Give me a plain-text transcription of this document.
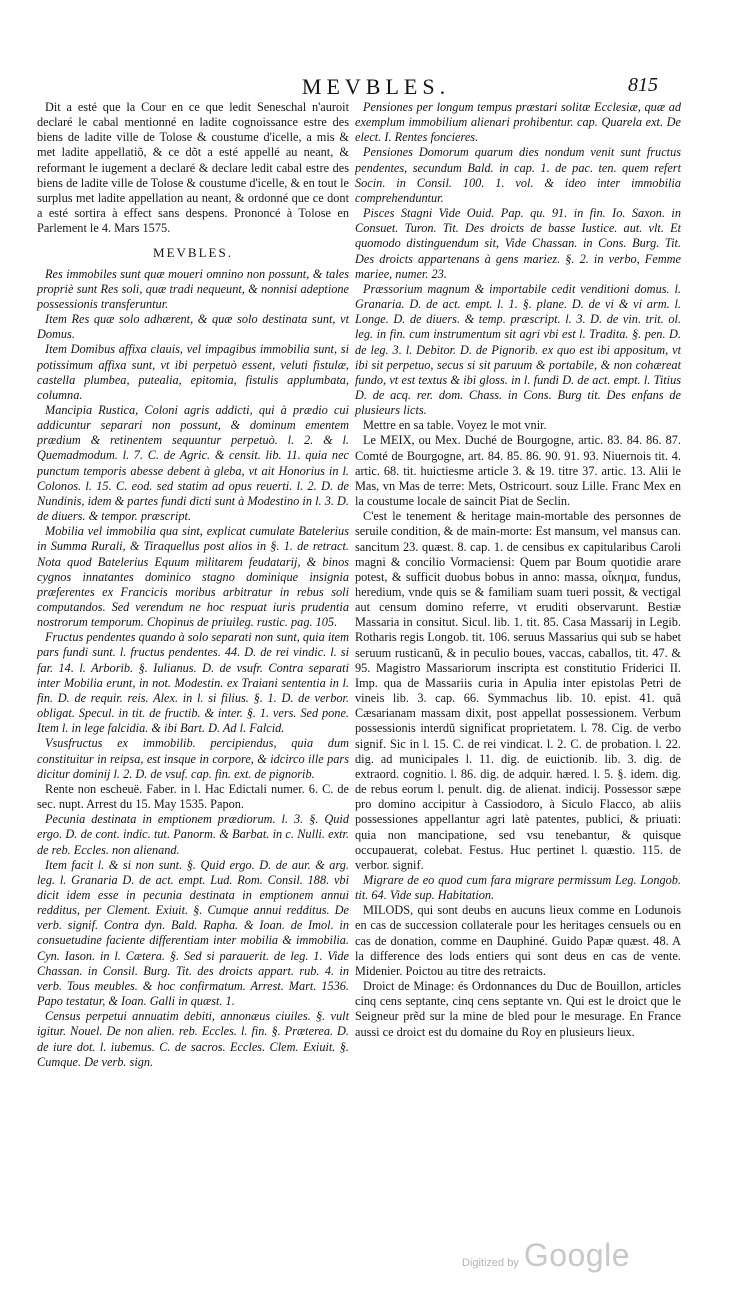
MEVBLES.	815

Dit a esté que la Cour en ce que ledit Seneschal n'auroit declaré le cabal mentionné en ladite cognoissance estre des biens de ladite ville de Tolose & coustume d'icelle, a mis & met ladite appellatiõ, & ce dõt a esté appellé au neant, & reformant le iugement a declaré & declare ledit cabal estre des biens de ladite ville de Tolose & coustume d'icelle, & en tout le surplus met ladite appellation au neant, & ordonné que ce dont a esté sortira à effect sans despens. Prononcé à Tolose en Parlement le 4. Mars 1575.

MEVBLES.

Res immobiles sunt quæ moueri omnino non possunt, & tales propriè sunt Res soli, quæ tradi nequeunt, & nonnisi adeptione possessionis transferuntur.

Item Res quæ solo adhærent, & quæ solo destinata sunt, vt Domus.

Item Domibus affixa clauis, vel impagibus immobilia sunt, si potissimum affixa sunt, vt ibi perpetuò essent, veluti fistulæ, castella plumbea, putealia, epitomia, fistulis applumbata, columna.

Mancipia Rustica, Coloni agris addicti, qui à prædio cui addicuntur separari non possunt, & dominum ementem prædium & retinentem sequuntur perpetuò. l. 2. & l. Quemadmodum. l. 7. C. de Agric. & censit. lib. 11. quia nec punctum temporis abesse debent à gleba, vt ait Honorius in l. Colonos. l. 15. C. eod. sed statim ad opus reuerti. l. 2. D. de Nundinis, idem & partes fundi dicti sunt à Modestino in l. 3. D. de diuers. & tempor. præscript.

Mobilia vel immobilia qua sint, explicat cumulate Batelerius in Summa Rurali, & Tiraquellus post alios in §. 1. de retract. Nota quod Batelerius Equum militarem feudatarij, & binos cygnos innatantes dominico stagno dominique insignia præferentes ex Francicis moribus arbitratur in rebus soli computandos. Sed verendum ne hoc respuat iuris prudentia nostrorum temporum. Chopinus de priuileg. rustic. pag. 105.

Fructus pendentes quando à solo separati non sunt, quia item pars fundi sunt. l. fructus pendentes. 44. D. de rei vindic. l. si far. 14. l. Arborib. §. Iulianus. D. de vsufr. Contra separati inter Mobilia erunt, in not. Modestin. ex Traiani sententia in l. fin. D. de requir. reis. Alex. in l. si filius. §. 1. D. de verbor. obligat. Specul. in tit. de fructib. & inter. §. 1. vers. Sed pone. Item l. in lege falcidia. & ibi Bart. D. Ad l. Falcid.

Vsusfructus ex immobilib. percipiendus, quia dum constituitur in reipsa, est insque in corpore, & idcirco ille pars dicitur dominij l. 2. D. de vsuf. cap. fin. ext. de pignorib.

Rente non escheuë. Faber. in l. Hac Edictali numer. 6. C. de sec. nupt. Arrest du 15. May 1535. Papon.

Pecunia destinata in emptionem prædiorum. l. 3. §. Quid ergo. D. de cont. indic. tut. Panorm. & Barbat. in c. Nulli. extr. de reb. Eccles. non alienand.

Item facit l. & si non sunt. §. Quid ergo. D. de aur. & arg. leg. l. Granaria D. de act. empt. Lud. Rom. Consil. 188. vbi dicit idem esse in pecunia destinata in emptionem annui redditus, per Clement. Exiuit. §. Cumque annui redditus. De verb. signif. Contra dyn. Bald. Rapha. & Ioan. de Imol. in consuetudine faciente differentiam inter mobilia & immobilia. Cyn. Iason. in l. Cætera. §. Sed si parauerit. de leg. 1. Vide Chassan. in Consil. Burg. Tit. des droicts appart. rub. 4. in verb. Tous meubles. & hoc confirmatum. Arrest. Mart. 1536. Papo testatur, & Ioan. Galli in quæst. 1.

Census perpetui annuatim debiti, annonæus ciuiles. §. vult igitur. Nouel. De non alien. reb. Eccles. l. fin. §. Præterea. D. de iure dot. l. iubemus. C. de sacros. Eccles. Clem. Exiuit. §. Cumque. De verb. sign.

Pensiones per longum tempus præstari solitæ Ecclesiæ, quæ ad exemplum immobilium alienari prohibentur. cap. Quarela ext. De elect. I. Rentes foncieres.

Pensiones Domorum quarum dies nondum venit sunt fructus pendentes, secundum Bald. in cap. 1. de pac. ten. quem refert Socin. in Consil. 100. 1. vol. & ideo inter immobilia comprehenduntur.

Pisces Stagni Vide Ouid. Pap. qu. 91. in fin. Io. Saxon. in Consuet. Turon. Tit. Des droicts de basse Iustice. aut. vlt. Et quomodo distinguendum sit, Vide Chassan. in Cons. Burg. Tit. Des droicts appartenans à gens mariez. §. 2. in verbo, Femme mariee, numer. 23.

Præssorium magnum & importabile cedit venditioni domus. l. Granaria. D. de act. empt. l. 1. §. plane. D. de vi & vi arm. l. Longe. D. de diuers. & temp. præscript. l. 3. D. de vin. trit. ol. leg. in fin. cum instrumentum sit agri vbi est l. Tradita. §. pen. D. de leg. 3. l. Debitor. D. de Pignorib. ex quo est ibi appositum, vt ibi sit perpetuo, secus si sit paruum & portabile, & non cohæreat fundo, vt est textus & ibi gloss. in l. fundi D. de act. empt. l. Titius D. de acq. rer. dom. Chass. in Cons. Burg tit. Des enfans de plusieurs licts.

Mettre en sa table. Voyez le mot vnir.

Le MEIX, ou Mex. Duché de Bourgogne, artic. 83. 84. 86. 87. Comté de Bourgogne, art. 84. 85. 86. 90. 91. 93. Niuernois tit. 4. artic. 68. tit. huictiesme article 3. & 19. titre 37. artic. 13. Alii le Mas, vn Mas de terre: Mets, Ostricourt. souz Lille. Franc Mex en la coustume locale de saincit Piat de Seclin.

C'est le tenement & heritage main-mortable des personnes de seruile condition, & de main-morte: Est mansum, vel mansus can. sancitum 23. quæst. 8. cap. 1. de censibus ex capitularibus Caroli magni & concilio Vormaciensi: Quem par Boum quotidie arare potest, & sufficit duobus bobus in anno: massa, οἶκημα, fundus, heredium, vnde quis se & familiam suam tueri possit, & vectigal aut censum domino referre, vt eruditi observarunt. Bestiæ Massaria in consitut. Sicul. lib. 1. tit. 85. Casa Massarij in Legib. Rotharis regis Longob. tit. 106. seruus Massarius qui sub se habet seruum rusticanũ, & in peculio boues, vaccas, caballos, tit. 47. & 95. Magistro Massariorum inscripta est constitutio Friderici II. Imp. qua de Massariis curia in Apulia inter epistolas Petri de vineis lib. 3. cap. 66. Symmachus lib. 10. epist. 41. quã Cæsarianam massam dixit, post appellat possessionem. Verbum possessionis interdũ significat proprietatem. l. 78. Cig. de verbo signif. Sic in l. 15. C. de rei vindicat. l. 2. C. de probation. l. 22. dig. ad municipales l. 11. dig. de euictionib. lib. 3. dig. de extraord. cognitio. l. 86. dig. de adquir. hæred. l. 5. §. idem. dig. de rebus eorum l. penult. dig. de alienat. indicij. Possessor sæpe pro domino accipitur à Cassiodoro, à Siculo Flacco, ab aliis possessiones appellantur agri latè patentes, publici, & priuati: quia non mancipatione, sed vsu tenebantur, & quisque occupauerat, colebat. Festus. Huc pertinet l. quæstio. 115. de verbor. signif.

Migrare de eo quod cum fara migrare permissum Leg. Longob. tit. 64. Vide sup. Habitation.

MILODS, qui sont deubs en aucuns lieux comme en Lodunois en cas de succession collaterale pour les heritages censuels ou en cas de donation, comme en Dauphiné. Guido Papæ quæst. 48. A la difference des lods entiers qui sont deus en cas de vente. Midenier. Poictou au titre des retraicts.

Droict de Minage: és Ordonnances du Duc de Bouillon, articles cinq cens septante, cinq cens septante vn. Qui est le droict que le Seigneur prẽd sur la mine de bled pour le mesurage. En France aussi ce droict est du domaine du Roy en plusieurs lieux.

Digitized by Google
